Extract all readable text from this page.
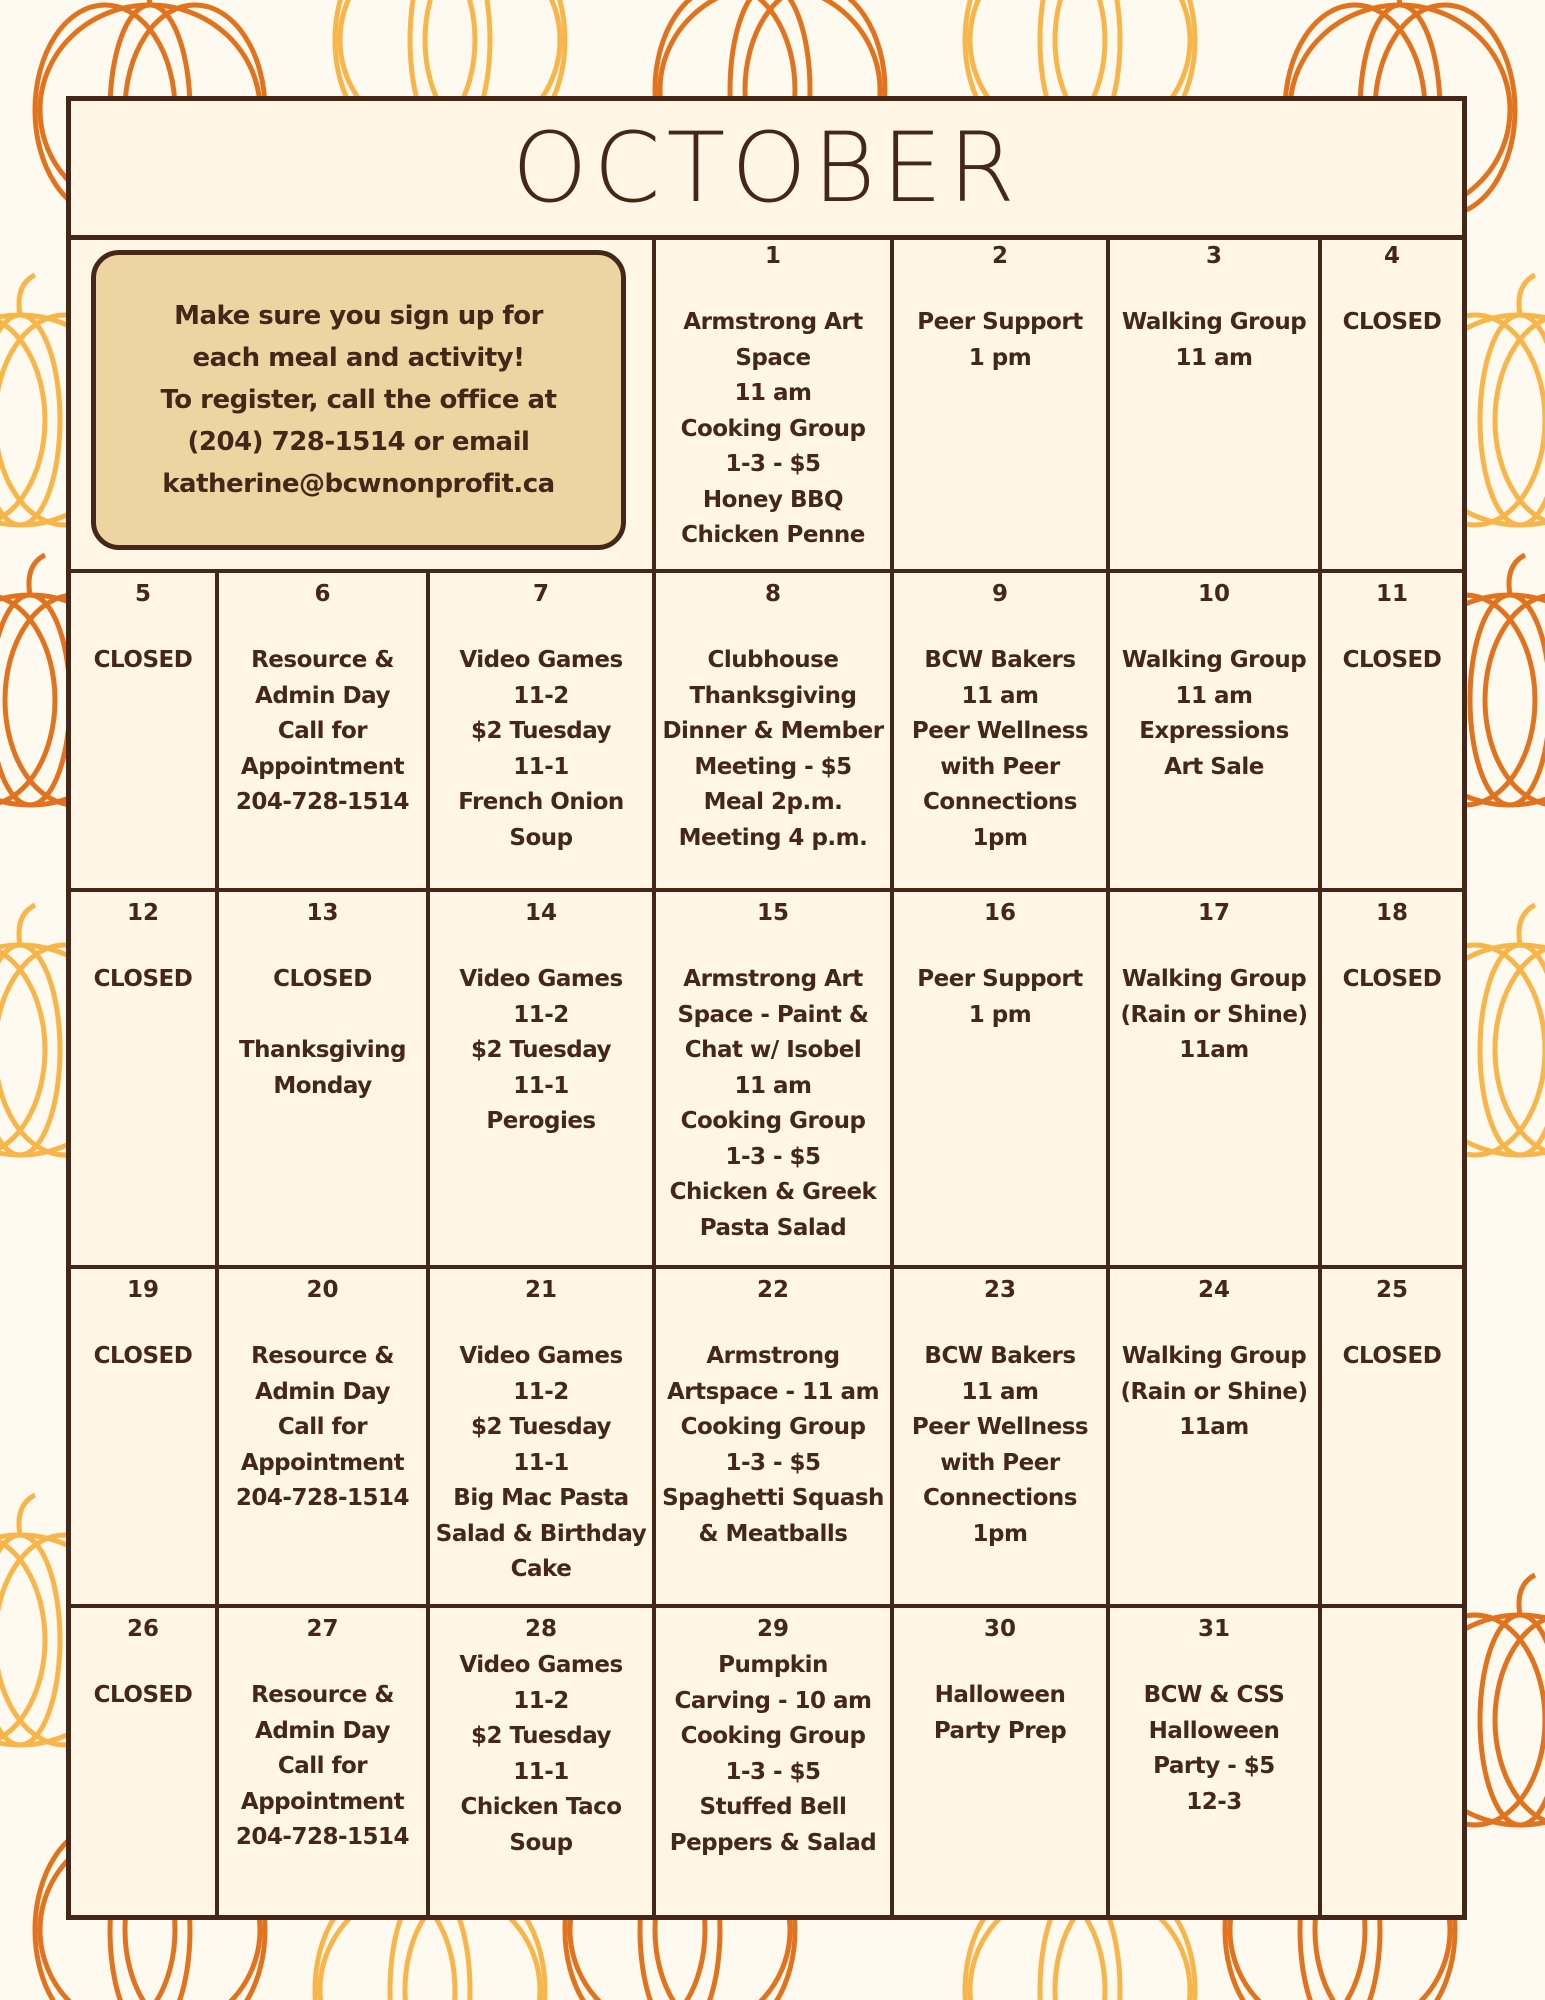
OCTOBER
Make sure you sign up for
each meal and activity!
To register, call the office at
(204) 728-1514 or email
katherine@bcwnonprofit.ca
1
Armstrong Art
Space
11 am
Cooking Group
1-3 - $5
Honey BBQ
Chicken Penne
2
Peer Support
1 pm
3
Walking Group
11 am
4
CLOSED
5
CLOSED
6
Resource &
Admin Day
Call for
Appointment
204-728-1514
7
Video Games
11-2
$2 Tuesday
11-1
French Onion
Soup
8
Clubhouse
Thanksgiving
Dinner & Member
Meeting - $5
Meal 2p.m.
Meeting 4 p.m.
9
BCW Bakers
11 am
Peer Wellness
with Peer
Connections
1pm
10
Walking Group
11 am
Expressions
Art Sale
11
CLOSED
12
CLOSED
13
CLOSED

Thanksgiving
Monday
14
Video Games
11-2
$2 Tuesday
11-1
Perogies
15
Armstrong Art
Space - Paint &
Chat w/ Isobel
11 am
Cooking Group
1-3 - $5
Chicken & Greek
Pasta Salad
16
Peer Support
1 pm
17
Walking Group
(Rain or Shine)
11am
18
CLOSED
19
CLOSED
20
Resource &
Admin Day
Call for
Appointment
204-728-1514
21
Video Games
11-2
$2 Tuesday
11-1
Big Mac Pasta
Salad & Birthday
Cake
22
Armstrong
Artspace - 11 am
Cooking Group
1-3 - $5
Spaghetti Squash
& Meatballs
23
BCW Bakers
11 am
Peer Wellness
with Peer
Connections
1pm
24
Walking Group
(Rain or Shine)
11am
25
CLOSED
26
CLOSED
27
Resource &
Admin Day
Call for
Appointment
204-728-1514
28
Video Games
11-2
$2 Tuesday
11-1
Chicken Taco
Soup
29
Pumpkin
Carving - 10 am
Cooking Group
1-3 - $5
Stuffed Bell
Peppers & Salad
30
Halloween
Party Prep
31
BCW & CSS
Halloween
Party - $5
12-3
